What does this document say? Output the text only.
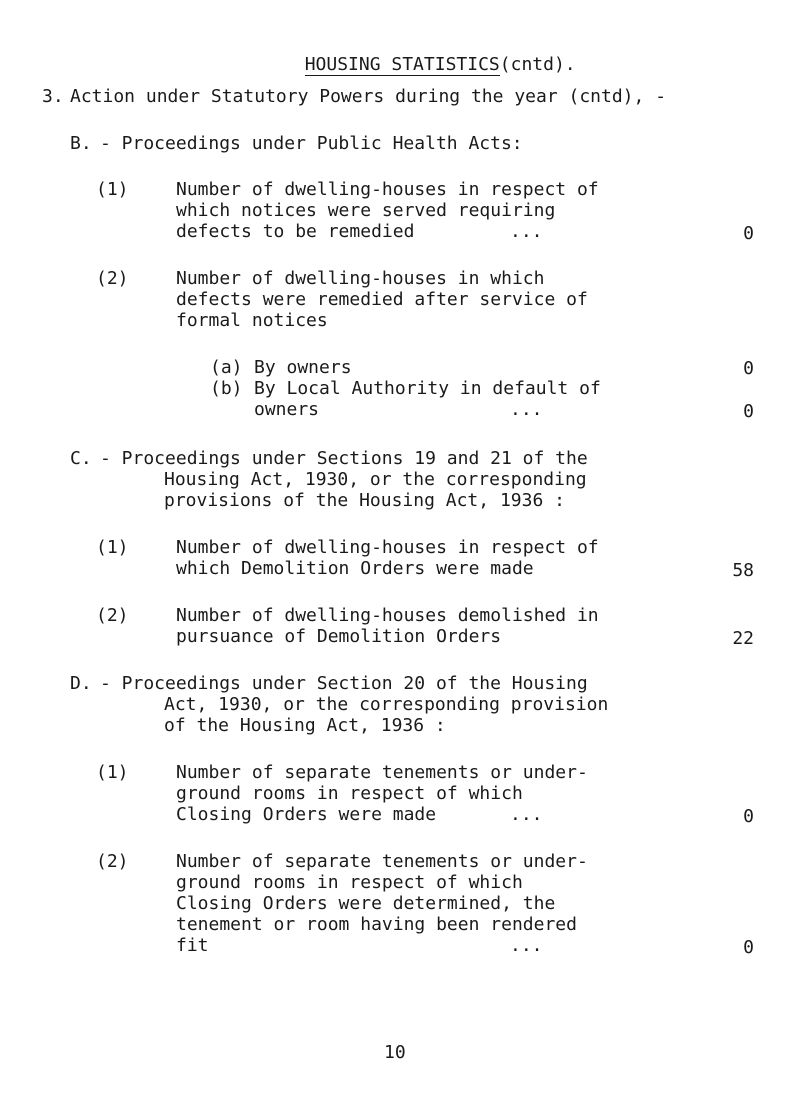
HOUSING STATISTICS(cntd).

3. Action under Statutory Powers during the year (cntd), -
B. - Proceedings under Public Health Acts:
(1)	Number of dwelling-houses in respect of
which notices were served requiring
defects to be remedied	...	0
(2)	Number of dwelling-houses in which
defects were remedied after service of
formal notices
(a) By owners	0
(b) By Local Authority in default of
owners	...	0
C. - Proceedings under Sections 19 and 21 of the
Housing Act, 1930, or the corresponding
provisions of the Housing Act, 1936 :
(1)	Number of dwelling-houses in respect of
which Demolition Orders were made	58
(2)	Number of dwelling-houses demolished in
pursuance of Demolition Orders	22
D. - Proceedings under Section 20 of the Housing
Act, 1930, or the corresponding provision
of the Housing Act, 1936 :
(1)	Number of separate tenements or under-
ground rooms in respect of which
Closing Orders were made	...	0
(2)	Number of separate tenements or under-
ground rooms in respect of which
Closing Orders were determined, the
tenement or room having been rendered
fit	...	0
10
